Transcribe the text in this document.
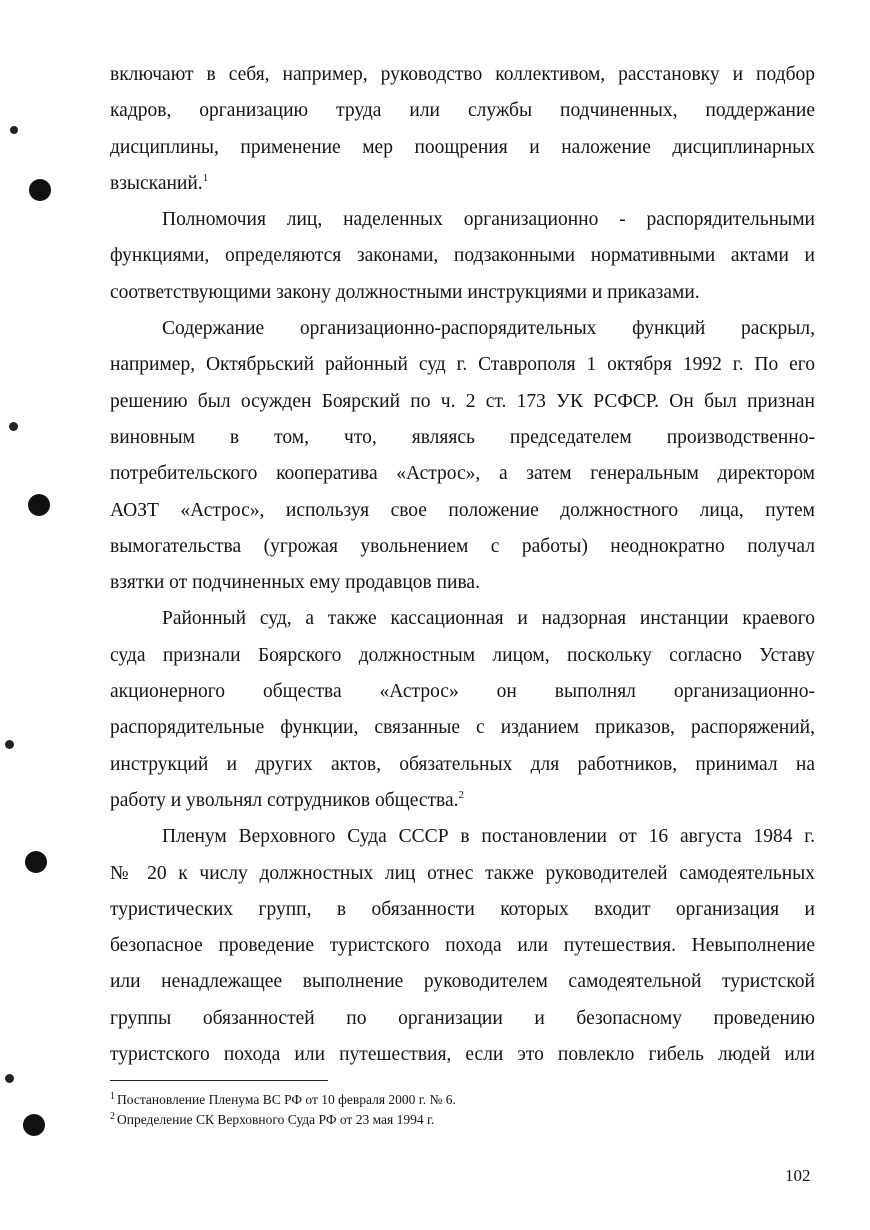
включают в себя, например, руководство коллективом, расстановку и подбор
кадров, организацию труда или службы подчиненных, поддержание
дисциплины, применение мер поощрения и наложение дисциплинарных
взысканий.$^1$
Полномочия лиц, наделенных организационно - распорядительными
функциями, определяются законами, подзаконными нормативными актами и
соответствующими закону должностными инструкциями и приказами.
Содержание организационно-распорядительных функций раскрыл,
например, Октябрьский районный суд г. Ставрополя 1 октября 1992 г. По его
решению был осужден Боярский по ч. 2 ст. 173 УК РСФСР. Он был признан
виновным в том, что, являясь председателем производственно-
потребительского кооператива «Астрос», а затем генеральным директором
АОЗТ «Астрос», используя свое положение должностного лица, путем
вымогательства (угрожая увольнением с работы) неоднократно получал
взятки от подчиненных ему продавцов пива.
Районный суд, а также кассационная и надзорная инстанции краевого
суда признали Боярского должностным лицом, поскольку согласно Уставу
акционерного общества «Астрос» он выполнял организационно-
распорядительные функции, связанные с изданием приказов, распоряжений,
инструкций и других актов, обязательных для работников, принимал на
работу и увольнял сотрудников общества.$^2$
Пленум Верховного Суда СССР в постановлении от 16 августа 1984 г.
№ 20 к числу должностных лиц отнес также руководителей самодеятельных
туристических групп, в обязанности которых входит организация и
безопасное проведение туристского похода или путешествия. Невыполнение
или ненадлежащее выполнение руководителем самодеятельной туристской
группы обязанностей по организации и безопасному проведению
туристского похода или путешествия, если это повлекло гибель людей или
$^1$ Постановление Пленума ВС РФ от 10 февраля 2000 г. № 6.
$^2$ Определение СК Верховного Суда РФ от 23 мая 1994 г.
102
